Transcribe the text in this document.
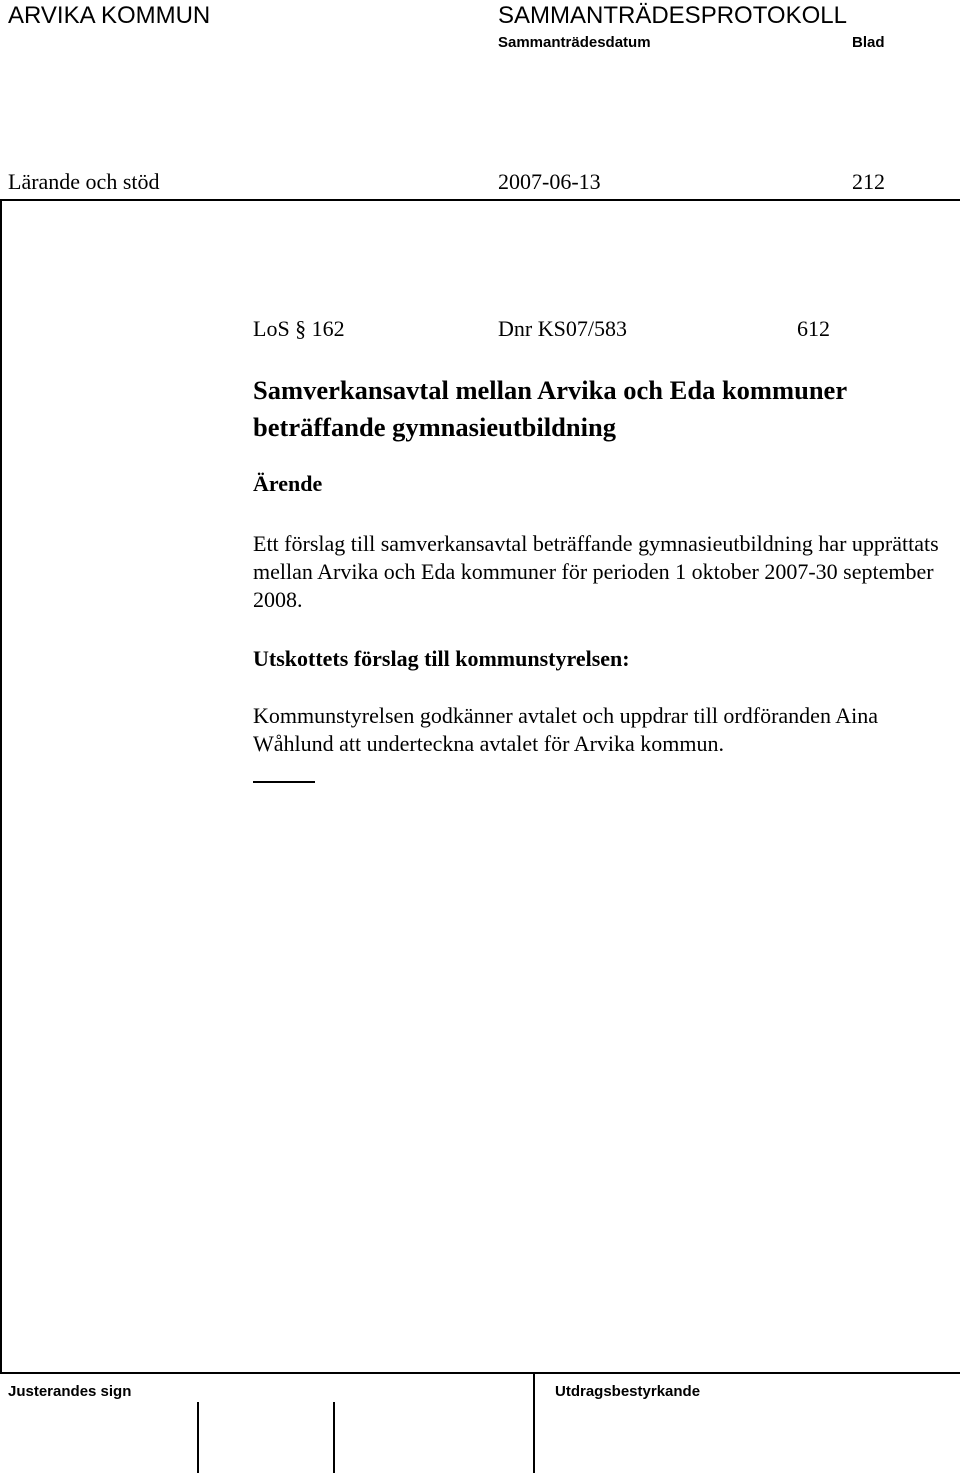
ARVIKA KOMMUN	SAMMANTRÄDESPROTOKOLL
Sammanträdesdatum	Blad
Lärande och stöd	2007-06-13	212
LoS § 162	Dnr KS07/583	612
Samverkansavtal mellan Arvika och Eda kommuner beträffande gymnasieutbildning
Ärende
Ett förslag till samverkansavtal beträffande gymnasieutbildning har upprättats mellan Arvika och Eda kommuner för perioden 1 oktober 2007-30 september 2008.
Utskottets förslag till kommunstyrelsen:
Kommunstyrelsen godkänner avtalet och uppdrar till ordföranden Aina Wåhlund att underteckna avtalet för Arvika kommun.
Justerandes sign	Utdragsbestyrkande
